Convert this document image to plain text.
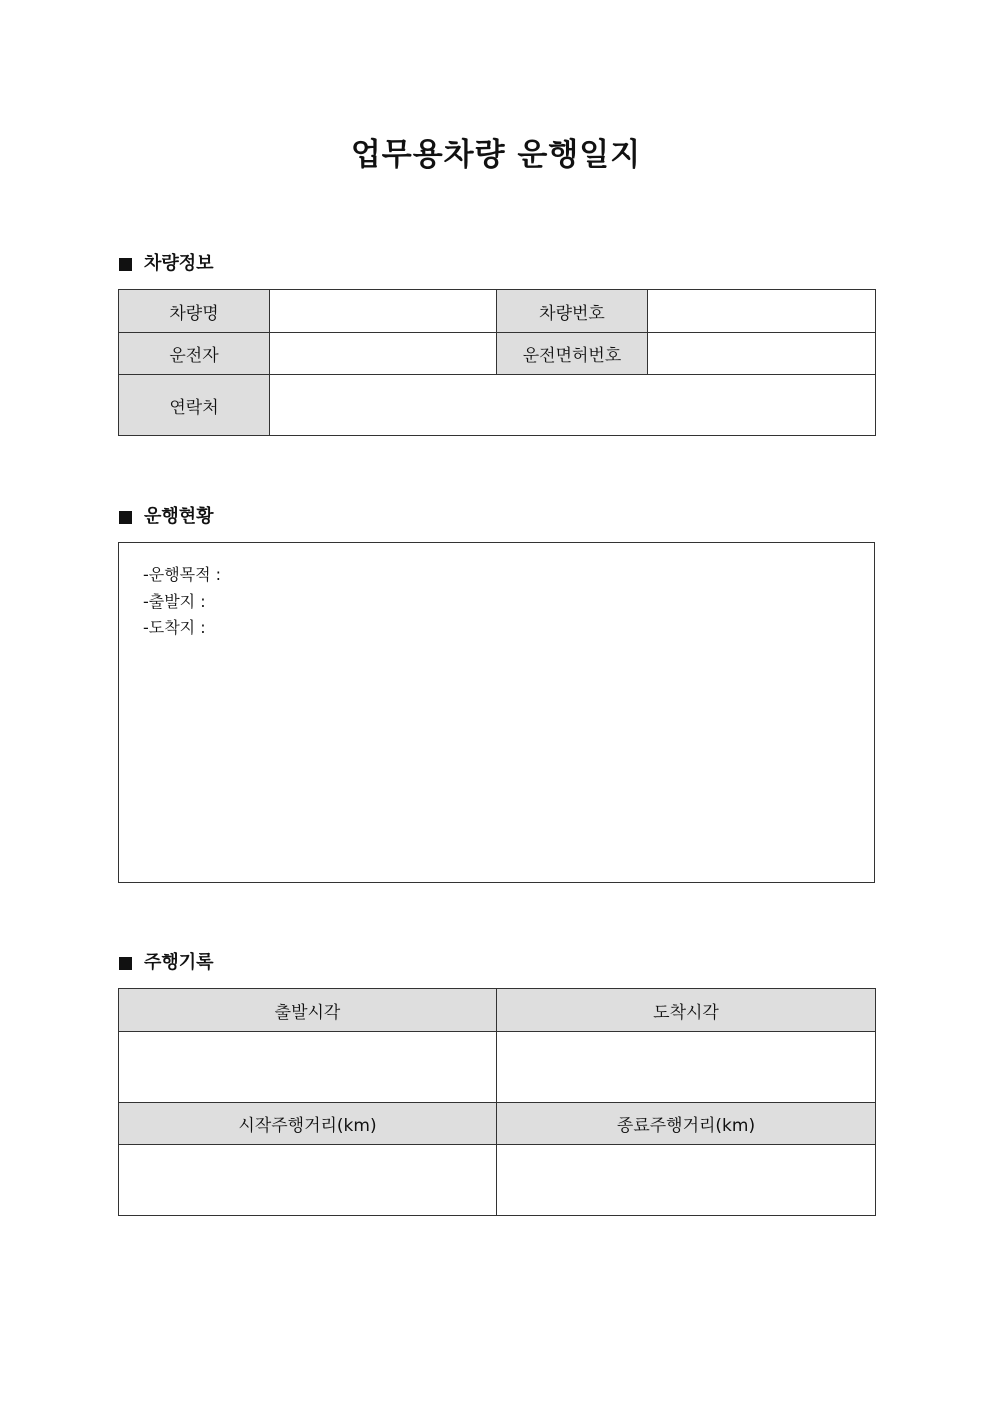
업무용차량 운행일지
차량정보
차량명		차량번호	
운전자		운전면허번호	
연락처			
운행현황
-운행목적 :
-출발지 :
-도착지 :
주행기록
출발시각	도착시각

시작주행거리(km)	종료주행거리(km)
